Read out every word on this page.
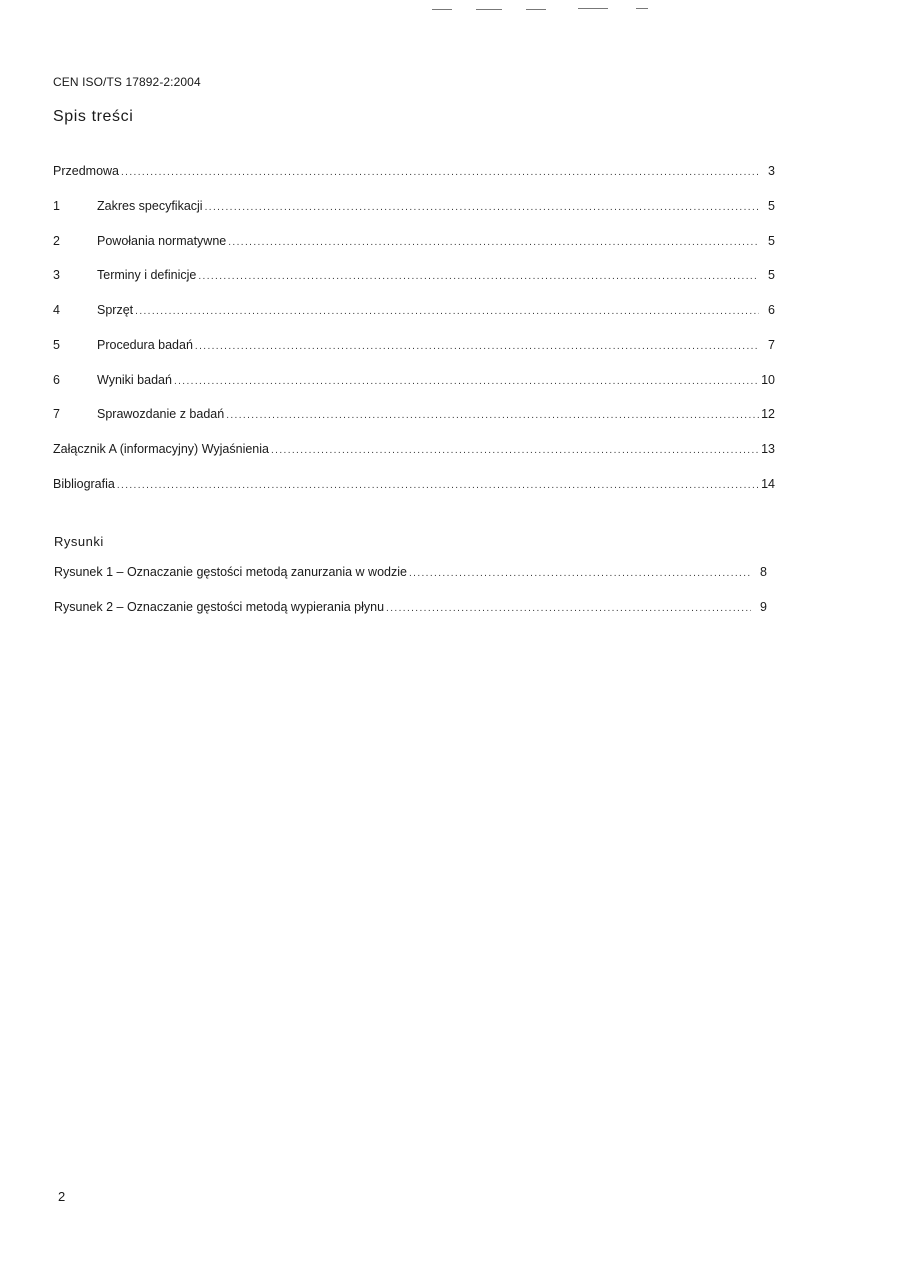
CEN ISO/TS 17892-2:2004
Spis treści
Przedmowa .....	3
1	Zakres specyfikacji .....	5
2	Powołania normatywne .....	5
3	Terminy i definicje .....	5
4	Sprzęt .....	6
5	Procedura badań .....	7
6	Wyniki badań .....	10
7	Sprawozdanie z badań .....	12
Załącznik A (informacyjny) Wyjaśnienia .....	13
Bibliografia .....	14
Rysunki
Rysunek 1 – Oznaczanie gęstości metodą zanurzania w wodzie .....	8
Rysunek 2 – Oznaczanie gęstości metodą wypierania płynu .....	9
2
